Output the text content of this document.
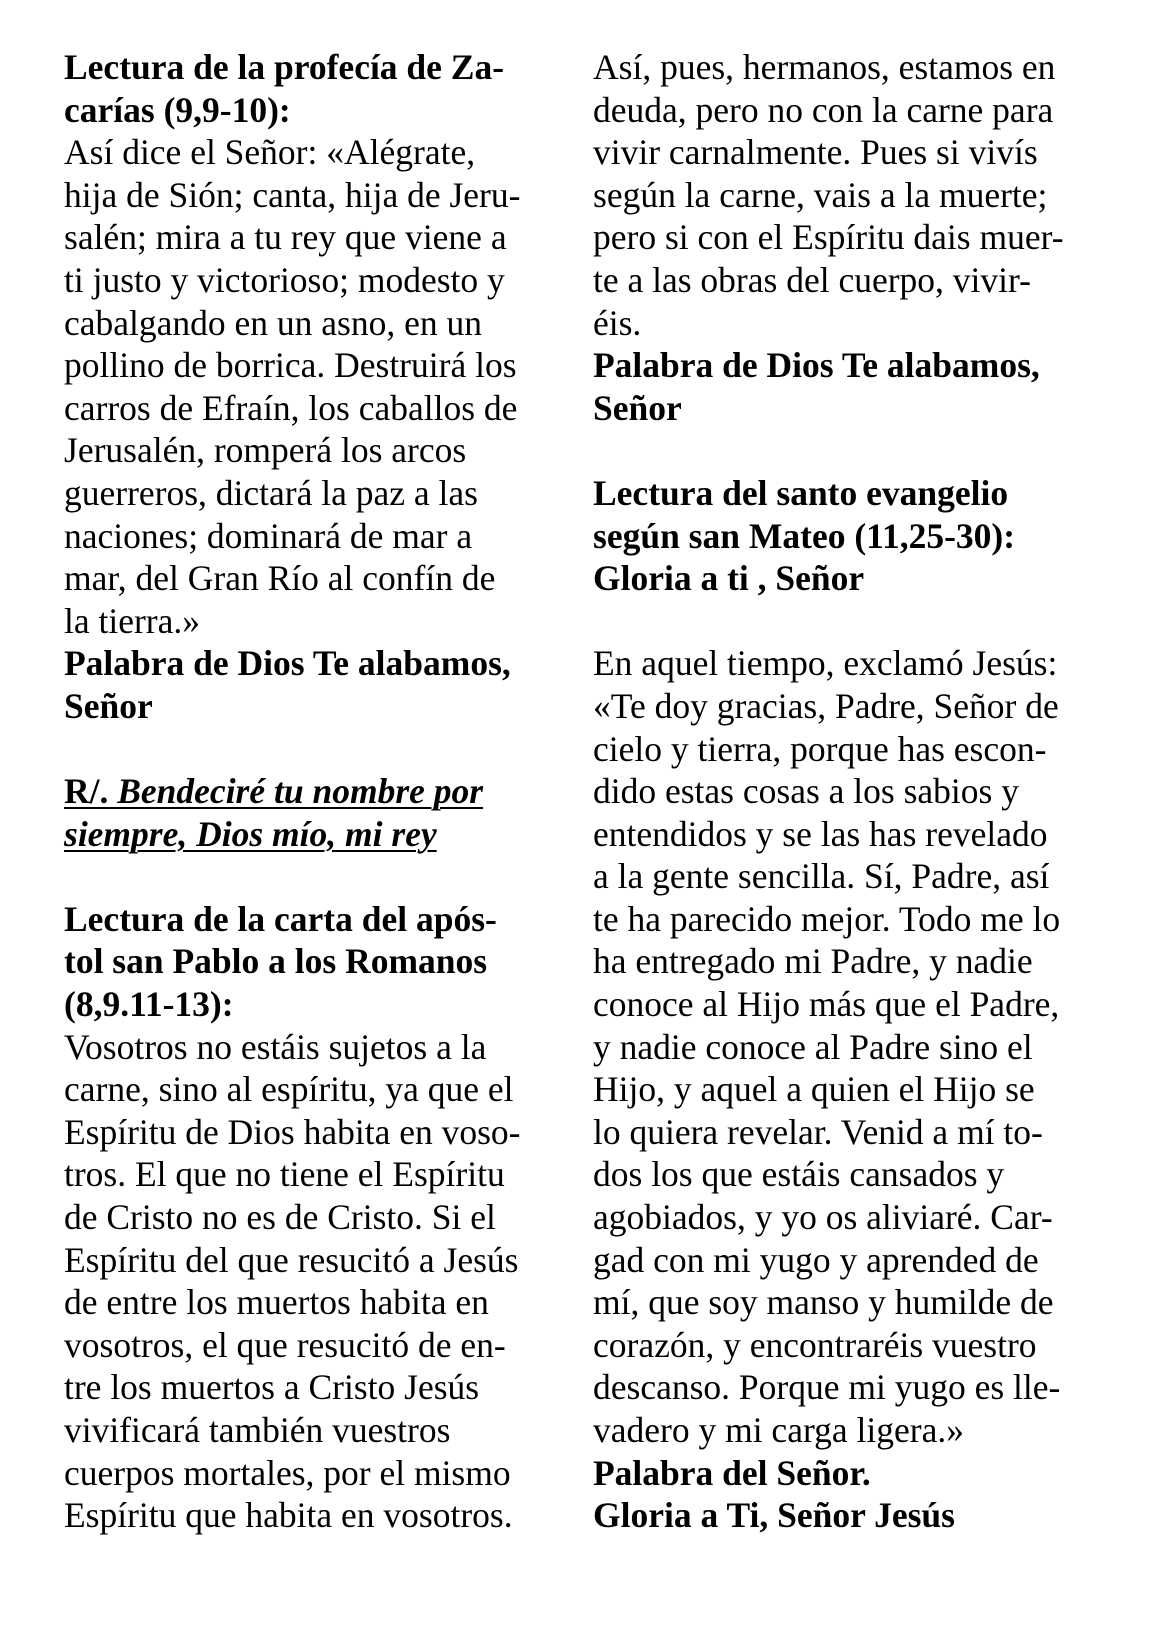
Lectura de la profecía de Za-
carías (9,9-10):
Así dice el Señor: «Alégrate,
hija de Sión; canta, hija de Jeru-
salén; mira a tu rey que viene a
ti justo y victorioso; modesto y
cabalgando en un asno, en un
pollino de borrica. Destruirá los
carros de Efraín, los caballos de
Jerusalén, romperá los arcos
guerreros, dictará la paz a las
naciones; dominará de mar a
mar, del Gran Río al confín de
la tierra.»
Palabra de Dios Te alabamos,
Señor
R/. Bendeciré tu nombre por
siempre, Dios mío, mi rey
Lectura de la carta del após-
tol san Pablo a los Romanos
(8,9.11-13):
Vosotros no estáis sujetos a la
carne, sino al espíritu, ya que el
Espíritu de Dios habita en voso-
tros. El que no tiene el Espíritu
de Cristo no es de Cristo. Si el
Espíritu del que resucitó a Jesús
de entre los muertos habita en
vosotros, el que resucitó de en-
tre los muertos a Cristo Jesús
vivificará también vuestros
cuerpos mortales, por el mismo
Espíritu que habita en vosotros.
Así, pues, hermanos, estamos en
deuda, pero no con la carne para
vivir carnalmente. Pues si vivís
según la carne, vais a la muerte;
pero si con el Espíritu dais muer-
te a las obras del cuerpo, vivir-
éis.
Palabra de Dios Te alabamos,
Señor
Lectura del santo evangelio
según san Mateo (11,25-30):
Gloria a ti , Señor
En aquel tiempo, exclamó Jesús:
«Te doy gracias, Padre, Señor de
cielo y tierra, porque has escon-
dido estas cosas a los sabios y
entendidos y se las has revelado
a la gente sencilla. Sí, Padre, así
te ha parecido mejor. Todo me lo
ha entregado mi Padre, y nadie
conoce al Hijo más que el Padre,
y nadie conoce al Padre sino el
Hijo, y aquel a quien el Hijo se
lo quiera revelar. Venid a mí to-
dos los que estáis cansados y
agobiados, y yo os aliviaré. Car-
gad con mi yugo y aprended de
mí, que soy manso y humilde de
corazón, y encontraréis vuestro
descanso. Porque mi yugo es lle-
vadero y mi carga ligera.»
Palabra del Señor.
Gloria a Ti, Señor Jesús
